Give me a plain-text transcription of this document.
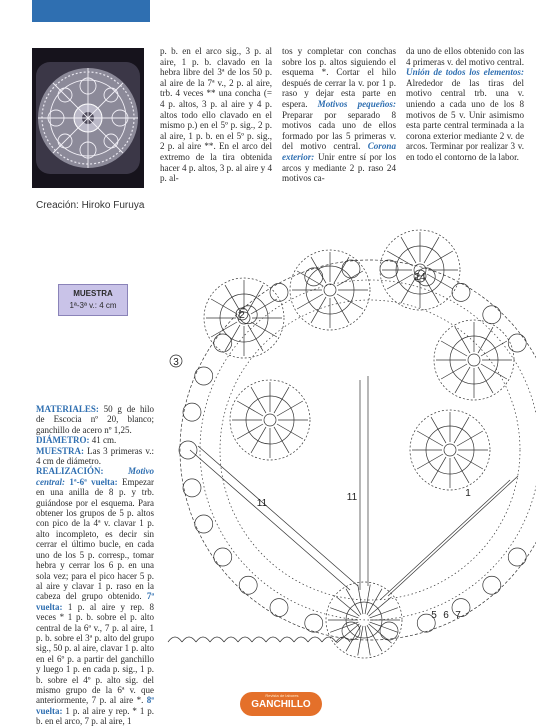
Creación: Hiroko Furuya
p. b. en el arco sig., 3 p. al aire, 1 p. b. clavado en la hebra libre del 3ª de los 50 p. al aire de la 7ª v., 2 p. al aire, trb. 4 veces ** una concha (= 4 p. altos, 3 p. al aire y 4 p. altos todo ello clavado en el mismo p.) en el 5º p. sig., 2 p. al aire, 1 p. b. en el 5º p. sig., 2 p. al aire **. En el arco del extremo de la tira obtenida hacer 4 p. altos, 3 p. al aire y 4 p. al-
tos y completar con conchas sobre los p. altos siguiendo el esquema *. Cortar el hilo después de cerrar la v. por 1 p. raso y dejar esta parte en espera. Motivos pequeños: Preparar por separado 8 motivos cada uno de ellos formado por las 5 primeras v. del motivo central. Corona exterior: Unir entre sí por los arcos y mediante 2 p. raso 24 motivos ca-
da uno de ellos obtenido con las 4 primeras v. del motivo central. Unión de todos los elementos: Alrededor de las tiras del motivo central trb. una v. uniendo a cada uno de los 8 motivos de 5 v. Unir asimismo esta parte central terminada a la corona exterior mediante 2 v. de arcos. Terminar por realizar 3 v. en todo el contorno de la labor.
MUESTRA
1ª-3ª v.: 4 cm
MATERIALES: 50 g de hilo de Escocia nº 20, blanco; ganchillo de acero nº 1,25.
DIÁMETRO: 41 cm.
MUESTRA: Las 3 primeras v.: 4 cm de diámetro.
REALIZACIÓN:	Motivo central: 1ª-6ª vuelta: Empezar en una anilla de 8 p. y trb. guiándose por el esquema. Para obtener los grupos de 5 p. altos con pico de la 4ª v. clavar 1 p. alto incompleto, es decir sin cerrar el último bucle, en cada uno de los 5 p. corresp., tomar hebra y cerrar los 6 p. en una sola vez; para el pico hacer 5 p. al aire y clavar 1 p. raso en la cabeza del grupo obtenido. 7ª vuelta: 1 p. al aire y rep. 8 veces * 1 p. b. sobre el p. alto central de la 6ª v., 7 p. al aire, 1 p. b. sobre el 3ª p. alto del grupo sig., 50 p. al aire, clavar 1 p. alto en el 6º p. a partir del ganchillo y luego 1 p. en cada p. sig., 1 p. b. sobre el 4º p. alto sig. del mismo grupo de la 6ª v. que anteriormente, 7 p. al aire *. 8ª vuelta: 1 p. al aire y rep. * 1 p. b. en el arco, 7 p. al aire, 1
2
24
3
11	1
11
5 6 7
GANCHILLO
Revista de labores
